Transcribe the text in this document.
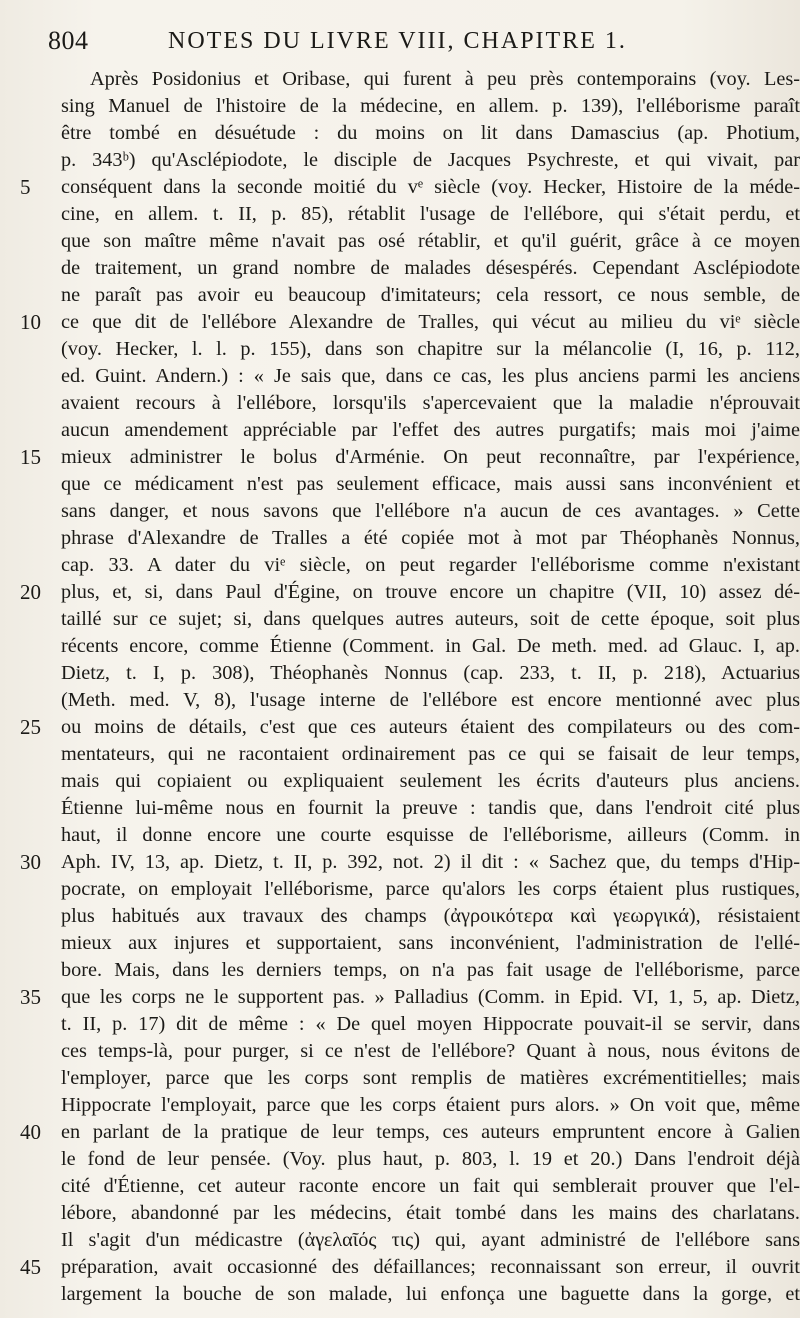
804	NOTES DU LIVRE VIII, CHAPITRE 1.
Après Posidonius et Oribase, qui furent à peu près contemporains (voy. Les-
sing Manuel de l'histoire de la médecine, en allem. p. 139), l'elléborisme paraît
être tombé en désuétude : du moins on lit dans Damascius (ap. Photium,
p. 343ᵇ) qu'Asclépiodote, le disciple de Jacques Psychreste, et qui vivait, par
5	conséquent dans la seconde moitié du vᵉ siècle (voy. Hecker, Histoire de la méde-
cine, en allem. t. II, p. 85), rétablit l'usage de l'ellébore, qui s'était perdu, et
que son maître même n'avait pas osé rétablir, et qu'il guérit, grâce à ce moyen
de traitement, un grand nombre de malades désespérés. Cependant Asclépiodote
ne paraît pas avoir eu beaucoup d'imitateurs; cela ressort, ce nous semble, de
10 ce que dit de l'ellébore Alexandre de Tralles, qui vécut au milieu du viᵉ siècle
(voy. Hecker, l. l. p. 155), dans son chapitre sur la mélancolie (I, 16, p. 112,
ed. Guint. Andern.) : « Je sais que, dans ce cas, les plus anciens parmi les anciens
avaient recours à l'ellébore, lorsqu'ils s'apercevaient que la maladie n'éprouvait
aucun amendement appréciable par l'effet des autres purgatifs; mais moi j'aime
15 mieux administrer le bolus d'Arménie. On peut reconnaître, par l'expérience,
que ce médicament n'est pas seulement efficace, mais aussi sans inconvénient et
sans danger, et nous savons que l'ellébore n'a aucun de ces avantages. » Cette
phrase d'Alexandre de Tralles a été copiée mot à mot par Théophanès Nonnus,
cap. 33. A dater du viᵉ siècle, on peut regarder l'elléborisme comme n'existant
20 plus, et, si, dans Paul d'Égine, on trouve encore un chapitre (VII, 10) assez dé-
taillé sur ce sujet; si, dans quelques autres auteurs, soit de cette époque, soit plus
récents encore, comme Étienne (Comment. in Gal. De meth. med. ad Glauc. I, ap.
Dietz, t. I, p. 308), Théophanès Nonnus (cap. 233, t. II, p. 218), Actuarius
(Meth. med. V, 8), l'usage interne de l'ellébore est encore mentionné avec plus
25 ou moins de détails, c'est que ces auteurs étaient des compilateurs ou des com-
mentateurs, qui ne racontaient ordinairement pas ce qui se faisait de leur temps,
mais qui copiaient ou expliquaient seulement les écrits d'auteurs plus anciens.
Étienne lui-même nous en fournit la preuve : tandis que, dans l'endroit cité plus
haut, il donne encore une courte esquisse de l'elléborisme, ailleurs (Comm. in
30 Aph. IV, 13, ap. Dietz, t. II, p. 392, not. 2) il dit : « Sachez que, du temps d'Hip-
pocrate, on employait l'elléborisme, parce qu'alors les corps étaient plus rustiques,
plus habitués aux travaux des champs (ἀγροικότερα καὶ γεωργικά), résistaient
mieux aux injures et supportaient, sans inconvénient, l'administration de l'ellé-
bore. Mais, dans les derniers temps, on n'a pas fait usage de l'elléborisme, parce
35 que les corps ne le supportent pas. » Palladius (Comm. in Epid. VI, 1, 5, ap. Dietz,
t. II, p. 17) dit de même : « De quel moyen Hippocrate pouvait-il se servir, dans
ces temps-là, pour purger, si ce n'est de l'ellébore? Quant à nous, nous évitons de
l'employer, parce que les corps sont remplis de matières excrémentitielles; mais
Hippocrate l'employait, parce que les corps étaient purs alors. » On voit que, même
40 en parlant de la pratique de leur temps, ces auteurs empruntent encore à Galien
le fond de leur pensée. (Voy. plus haut, p. 803, l. 19 et 20.) Dans l'endroit déjà
cité d'Étienne, cet auteur raconte encore un fait qui semblerait prouver que l'el-
lébore, abandonné par les médecins, était tombé dans les mains des charlatans.
Il s'agit d'un médicastre (ἀγελαῖός τις) qui, ayant administré de l'ellébore sans
45 préparation, avait occasionné des défaillances; reconnaissant son erreur, il ouvrit
largement la bouche de son malade, lui enfonça une baguette dans la gorge, et
